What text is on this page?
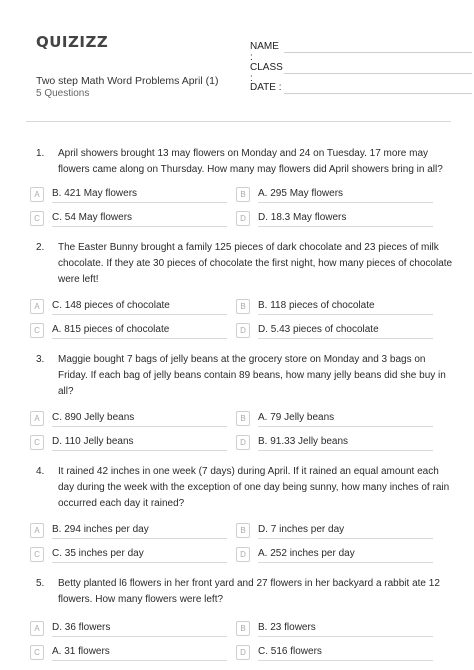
QUIZIZZ
Two step Math Word Problems April (1)
5 Questions
NAME :
CLASS :
DATE :
1. April showers brought 13 may flowers on Monday and 24 on Tuesday. 17 more may flowers came along on Thursday. How many may flowers did April showers bring in all?
A	B. 421 May flowers	B	A. 295 May flowers
C	C. 54 May flowers	D	D. 18.3 May flowers
2. The Easter Bunny brought a family 125 pieces of dark chocolate and 23 pieces of milk chocolate. If they ate 30 pieces of chocolate the first night, how many pieces of chocolate were left!
A	C. 148 pieces of chocolate	B	B. 118 pieces of chocolate
C	A. 815 pieces of chocolate	D	D. 5.43 pieces of chocolate
3. Maggie bought 7 bags of jelly beans at the grocery store on Monday and 3 bags on Friday. If each bag of jelly beans contain 89 beans, how many jelly beans did she buy in all?
A	C. 890 Jelly beans	B	A. 79 Jelly beans
C	D. 110 Jelly beans	D	B. 91.33 Jelly beans
4. It rained 42 inches in one week (7 days) during April. If it rained an equal amount each day during the week with the exception of one day being sunny, how many inches of rain occurred each day it rained?
A	B. 294 inches per day	B	D. 7 inches per day
C	C. 35 inches per day	D	A. 252 inches per day
5. Betty planted l6 flowers in her front yard and 27 flowers in her backyard a rabbit ate 12 flowers. How many flowers were left?
A	D. 36 flowers	B	B. 23 flowers
C	A. 31 flowers	D	C. 516 flowers
